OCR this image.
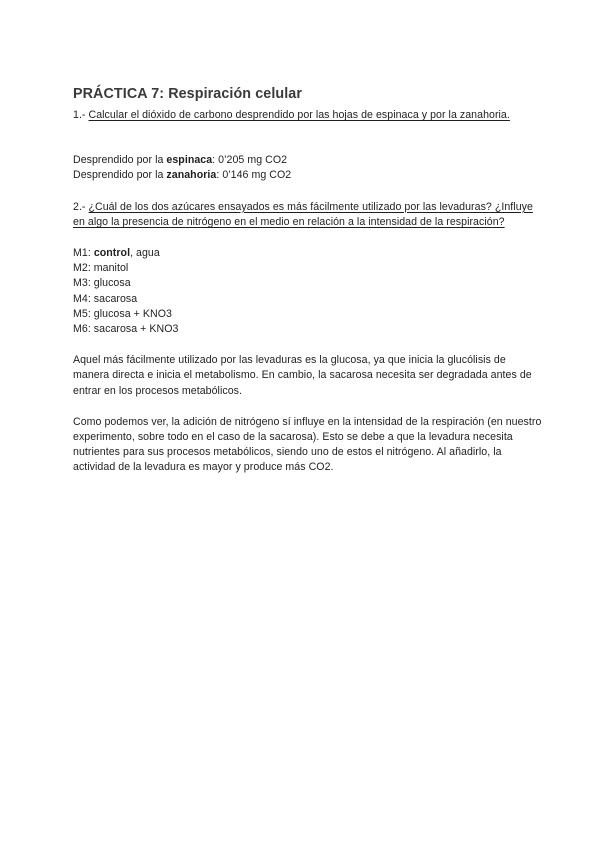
PRÁCTICA 7: Respiración celular

1.- Calcular el dióxido de carbono desprendido por las hojas de espinaca y por la zanahoria.

Desprendido por la espinaca: 0’205 mg CO2

Desprendido por la zanahoria: 0’146 mg CO2

2.- ¿Cuál de los dos azúcares ensayados es más fácilmente utilizado por las levaduras? ¿Influye en algo la presencia de nitrógeno en el medio en relación a la intensidad de la respiración?

M1: control, agua
M2: manitol
M3: glucosa
M4: sacarosa
M5: glucosa + KNO3
M6: sacarosa + KNO3

Aquel más fácilmente utilizado por las levaduras es la glucosa, ya que inicia la glucólisis de manera directa e inicia el metabolismo. En cambio, la sacarosa necesita ser degradada antes de entrar en los procesos metabólicos.

Como podemos ver, la adición de nitrógeno sí influye en la intensidad de la respiración (en nuestro experimento, sobre todo en el caso de la sacarosa). Esto se debe a que la levadura necesita nutrientes para sus procesos metabólicos, siendo uno de estos el nitrógeno. Al añadirlo, la actividad de la levadura es mayor y produce más CO2.
